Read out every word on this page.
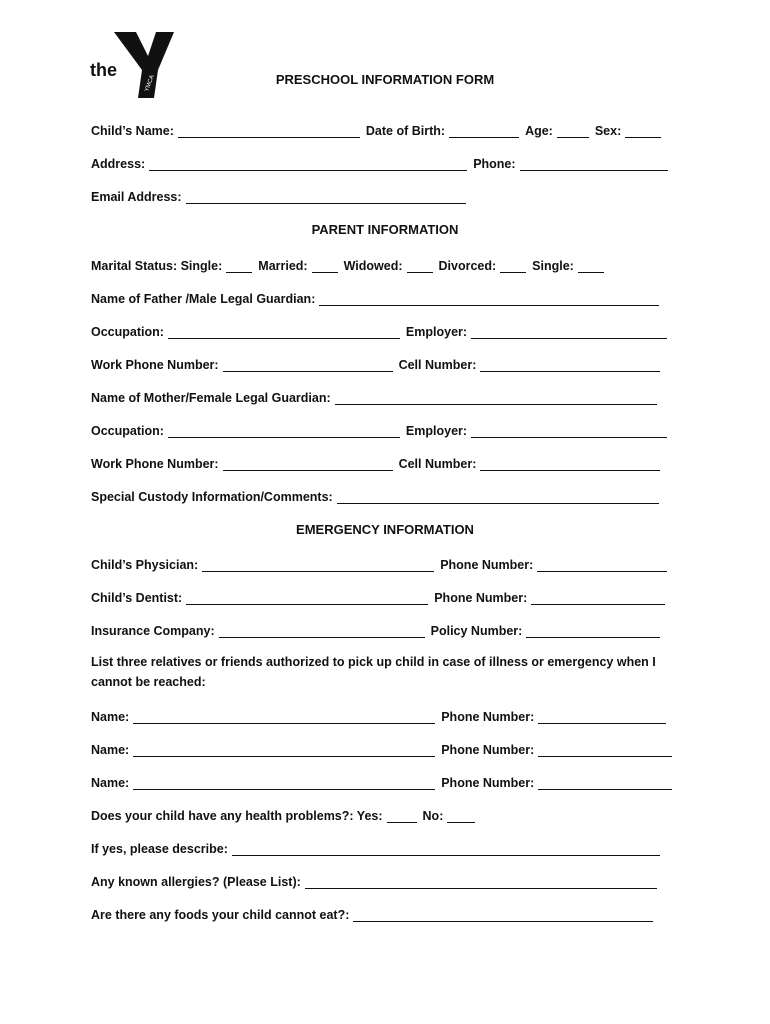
the
YMCA	PRESCHOOL INFORMATION FORM
Child’s Name:	Date of Birth:	Age:	Sex:
Address:	Phone:
Email Address:
PARENT INFORMATION
Marital Status: Single:	Married:	Widowed:	Divorced:	Single:
Name of Father /Male Legal Guardian:
Occupation:	Employer:
Work Phone Number:	Cell Number:
Name of Mother/Female Legal Guardian:
Occupation:	Employer:
Work Phone Number:	Cell Number:
Special Custody Information/Comments:
EMERGENCY INFORMATION
Child’s Physician:	Phone Number:
Child’s Dentist:	Phone Number:
Insurance Company:	Policy Number:
List three relatives or friends authorized to pick up child in case of illness or emergency when I cannot be reached:
Name:	Phone Number:
Name:	Phone Number:
Name:	Phone Number:
Does your child have any health problems?: Yes:	No:
If yes, please describe:
Any known allergies? (Please List):
Are there any foods your child cannot eat?:
